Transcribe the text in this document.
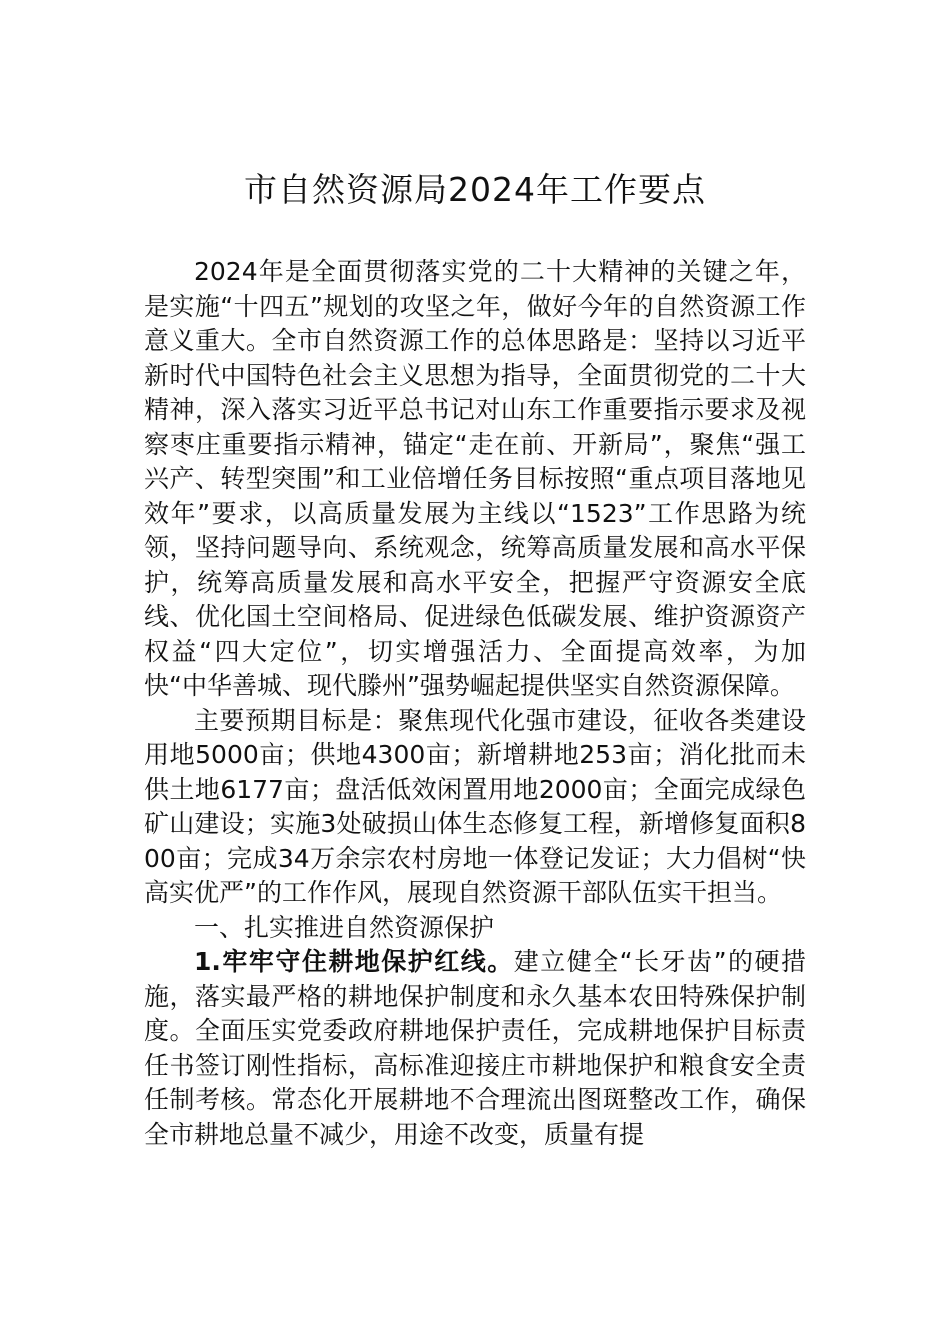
市自然资源局2024年工作要点

2024年是全面贯彻落实党的二十大精神的关键之年，是实施“十四五”规划的攻坚之年，做好今年的自然资源工作意义重大。全市自然资源工作的总体思路是：坚持以习近平新时代中国特色社会主义思想为指导，全面贯彻党的二十大精神，深入落实习近平总书记对山东工作重要指示要求及视察枣庄重要指示精神，锚定“走在前、开新局”，聚焦“强工兴产、转型突围”和工业倍增任务目标按照“重点项目落地见效年”要求，以高质量发展为主线以“1523”工作思路为统领，坚持问题导向、系统观念，统筹高质量发展和高水平保护，统筹高质量发展和高水平安全，把握严守资源安全底线、优化国土空间格局、促进绿色低碳发展、维护资源资产权益“四大定位”，切实增强活力、全面提高效率，为加快“中华善城、现代滕州”强势崛起提供坚实自然资源保障。

主要预期目标是：聚焦现代化强市建设，征收各类建设用地5000亩；供地4300亩；新增耕地253亩；消化批而未供土地6177亩；盘活低效闲置用地2000亩；全面完成绿色矿山建设；实施3处破损山体生态修复工程，新增修复面积800亩；完成34万余宗农村房地一体登记发证；大力倡树“快高实优严”的工作作风，展现自然资源干部队伍实干担当。

一、扎实推进自然资源保护

1.牢牢守住耕地保护红线。建立健全“长牙齿”的硬措施，落实最严格的耕地保护制度和永久基本农田特殊保护制度。全面压实党委政府耕地保护责任，完成耕地保护目标责任书签订刚性指标，高标准迎接庄市耕地保护和粮食安全责任制考核。常态化开展耕地不合理流出图斑整改工作，确保全市耕地总量不减少，用途不改变，质量有提
